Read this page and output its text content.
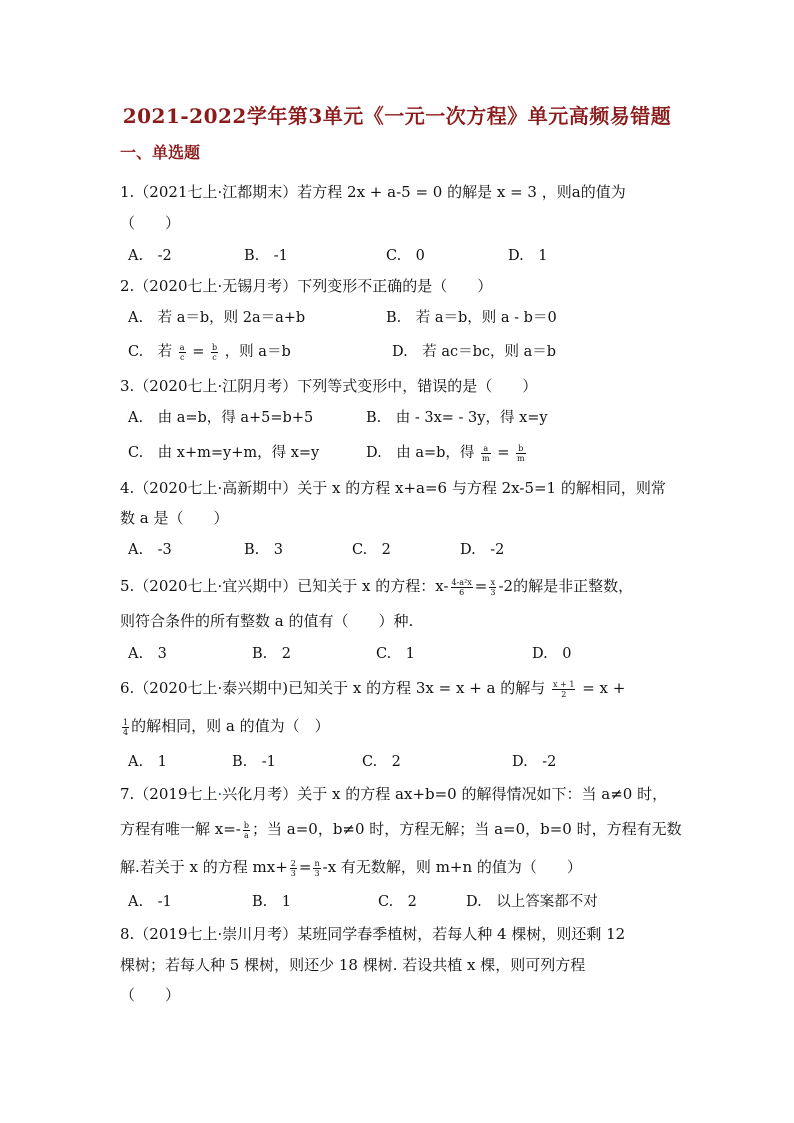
2021-2022学年第3单元《一元一次方程》单元高频易错题
一、单选题
1.（2021七上·江都期末）若方程 2x + a-5 = 0 的解是 x = 3 ，则a的值为
（　　）
A.　-2	B.　-1	C.　0	D.　1
2.（2020七上·无锡月考）下列变形不正确的是（　　）
A.　若 a＝b，则 2a＝a+b	B.　若 a＝b，则 a - b＝0
C.　若 $\frac{a}{c} = \frac{b}{c}$ ，则 a＝b	D.　若 ac＝bc，则 a＝b
3.（2020七上·江阴月考）下列等式变形中，错误的是（　　）
A.　由 a=b，得 a+5=b+5	B.　由 - 3x= - 3y，得 x=y
C.　由 x+m=y+m，得 x=y	D.　由 a=b，得 $\frac{a}{m} = \frac{b}{m}$
4.（2020七上·高新期中）关于 x 的方程 x+a=6 与方程 2x-5=1 的解相同，则常
数 a 是（　　）
A.　-3	B.　3	C.　2	D.　-2
5.（2020七上·宜兴期中）已知关于 x 的方程：$x- \frac{\text{4-a²x}}{6} = \frac{x}{3} -2$的解是非正整数，
则符合条件的所有整数 a 的值有（　　）种.
A.　3	B.　2	C.　1	D.　0
6.（2020七上·泰兴期中)已知关于 x 的方程 3x = x + a 的解与 $\frac{x + 1}{2} = x$ +
$\frac{1}{4}$ 的解相同，则 a 的值为（　）
A.　1	B.　-1	C.　2	D.　-2
7.（2019七上·兴化月考）关于 x 的方程 ax+b=0 的解得情况如下：当 a≠0 时，
方程有唯一解 $x=- \frac{b}{a}$ ；当 a=0，b≠0 时，方程无解；当 a=0，b=0 时，方程有无数
解.若关于 x 的方程 $mx+ \frac{2}{3} = \frac{n}{3} -x$ 有无数解，则 m+n 的值为（　　）
A.　-1	B.　1	C.　2	D.　以上答案都不对
8.（2019七上·崇川月考）某班同学春季植树，若每人种 4 棵树，则还剩 12
棵树；若每人种 5 棵树，则还少 18 棵树. 若设共植 x 棵，则可列方程
（　　）
